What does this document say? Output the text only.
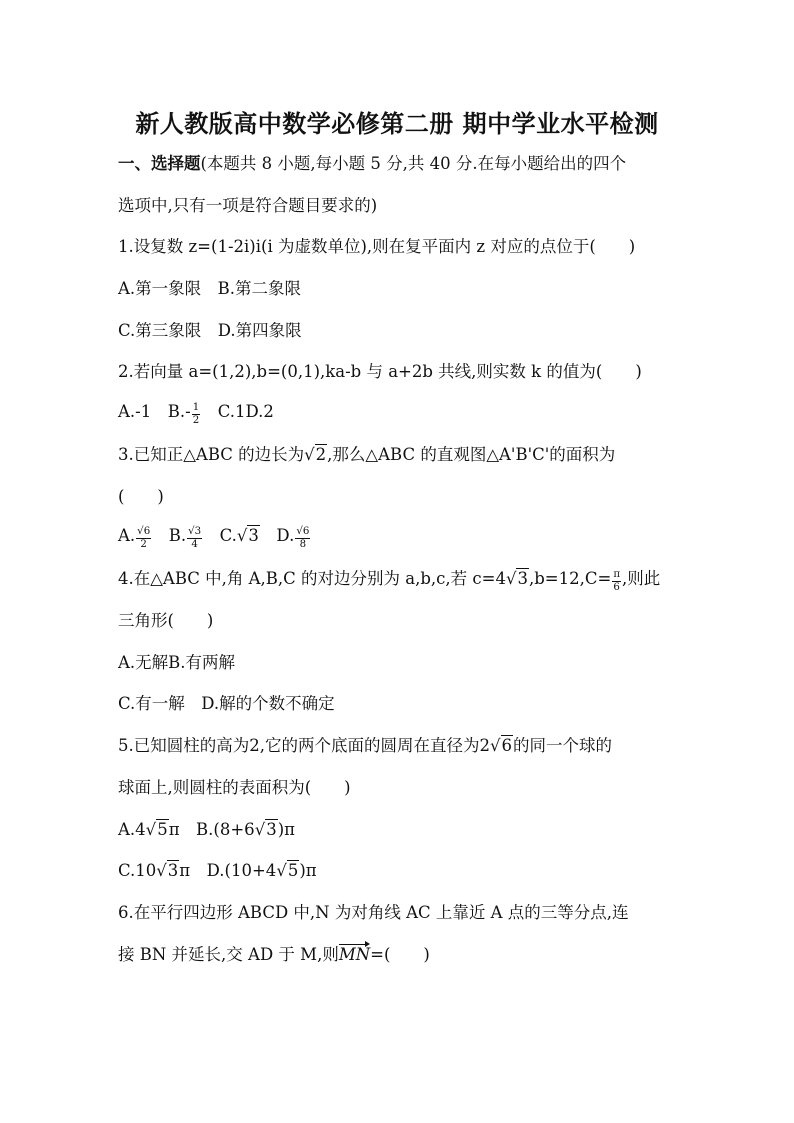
新人教版高中数学必修第二册 期中学业水平检测
一、选择题(本题共 8 小题,每小题 5 分,共 40 分.在每小题给出的四个
选项中,只有一项是符合题目要求的)
1.设复数 z=(1-2i)i(i 为虚数单位),则在复平面内 z 对应的点位于(　　)
A.第一象限　B.第二象限
C.第三象限　D.第四象限
2.若向量 a=(1,2),b=(0,1),ka-b 与 a+2b 共线,则实数 k 的值为(　　)
A.-1　$B.- \frac{1}{2}$ 　C.1D.2
3.已知正△ABC 的边长为√2,那么△ABC 的直观图△A'B'C'的面积为
(　　)
A. $\frac{√6}{2}$ 　B. $\frac{√3}{4}$ 　C.√3　D. $\frac{√6}{8}$
4.在△ABC 中,角 A,B,C 的对边分别为 a,b,c,若 $c=4√3,b=12,C= \frac{\pi}{6}$ ,则此
三角形(　　)
A.无解B.有两解
C.有一解　D.解的个数不确定
5.已知圆柱的高为2,它的两个底面的圆周在直径为2√6的同一个球的
球面上,则圆柱的表面积为(　　)
A.4√5π　B.(8+6√3)π
C.10√3π　D.(10+4√5)π
6.在平行四边形 ABCD 中,N 为对角线 AC 上靠近 A 点的三等分点,连
接 BN 并延长,交 AD 于 M,则MN=(　　)
